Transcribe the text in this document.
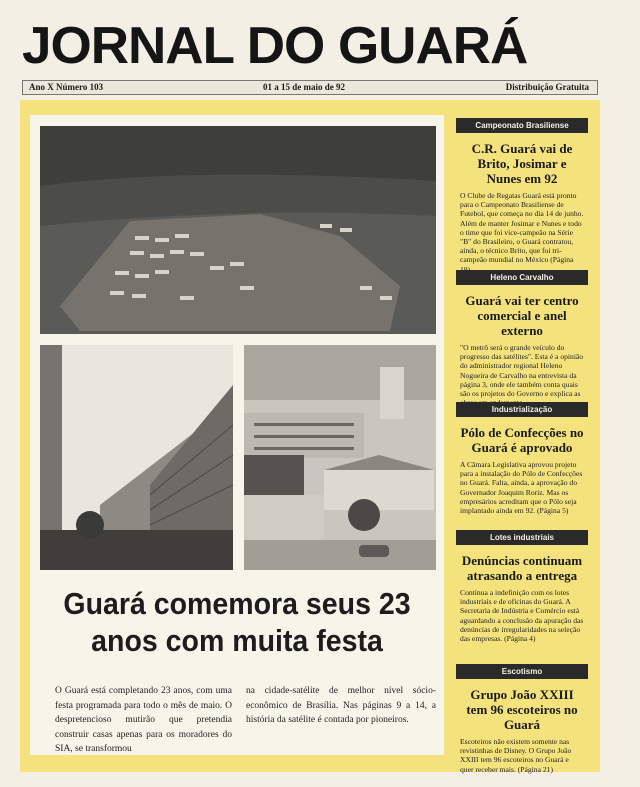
JORNAL DO GUARÁ
Ano X Número 103	01 a 15 de maio de 92	Distribuição Gratuita
Guará comemora seus 23 anos com muita festa
O Guará está completando 23 anos, com uma festa programada para todo o mês de maio. O despretencioso mutirão que pretendia construir casas apenas para os moradores do SIA, se transformou
na cidade-satélite de melhor nível sócio-econômico de Brasília. Nas páginas 9 a 14, a história da satélite é contada por pioneiros.
Campeonato Brasiliense
C.R. Guará vai de Brito, Josimar e Nunes em 92
O Clube de Regatas Guará está pronto para o Campeonato Brasiliense de Futebol, que começa no dia 14 de junho. Além de manter Josimar e Nunes e todo o time que foi vice-campeão na Série "B" do Brasileiro, o Guará contratou, ainda, o técnico Brito, que foi tri-campeão mundial no México (Página
Heleno Carvalho
Guará vai ter centro comercial e anel externo
"O metrô será o grande veículo do progresso das satélites". Esta é a opinião do administrador regional Heleno Nogueira de Carvalho na entrevista da página 3, onde ele também conta quais são os projetos do Governo e explica as
Industrialização
Pólo de Confecções no Guará é aprovado
A Câmara Legislativa aprovou projeto para a instalação do Pólo de Confecções no Guará. Falta, ainda, a aprovação do Governador Joaquim Roriz. Mas os empresários acreditam que o Pólo seja implantado ainda em 92. (Página 5)
Lotes industriais
Denúncias continuam atrasando a entrega
Continua a indefinição com os lotes industriais e de oficinas do Guará. A Secretaria de Indústria e Comércio está aguardando a conclusão da apuração das denúncias de irregularidades na seleção das empresas. (Página 4)
Escotismo
Grupo João XXIII tem 96 escoteiros no Guará
Escoteiros não existem somente nas revistinhas de Disney. O Grupo João XXIII tem 96 escoteiros no Guará e quer receber mais. (Página 21)
